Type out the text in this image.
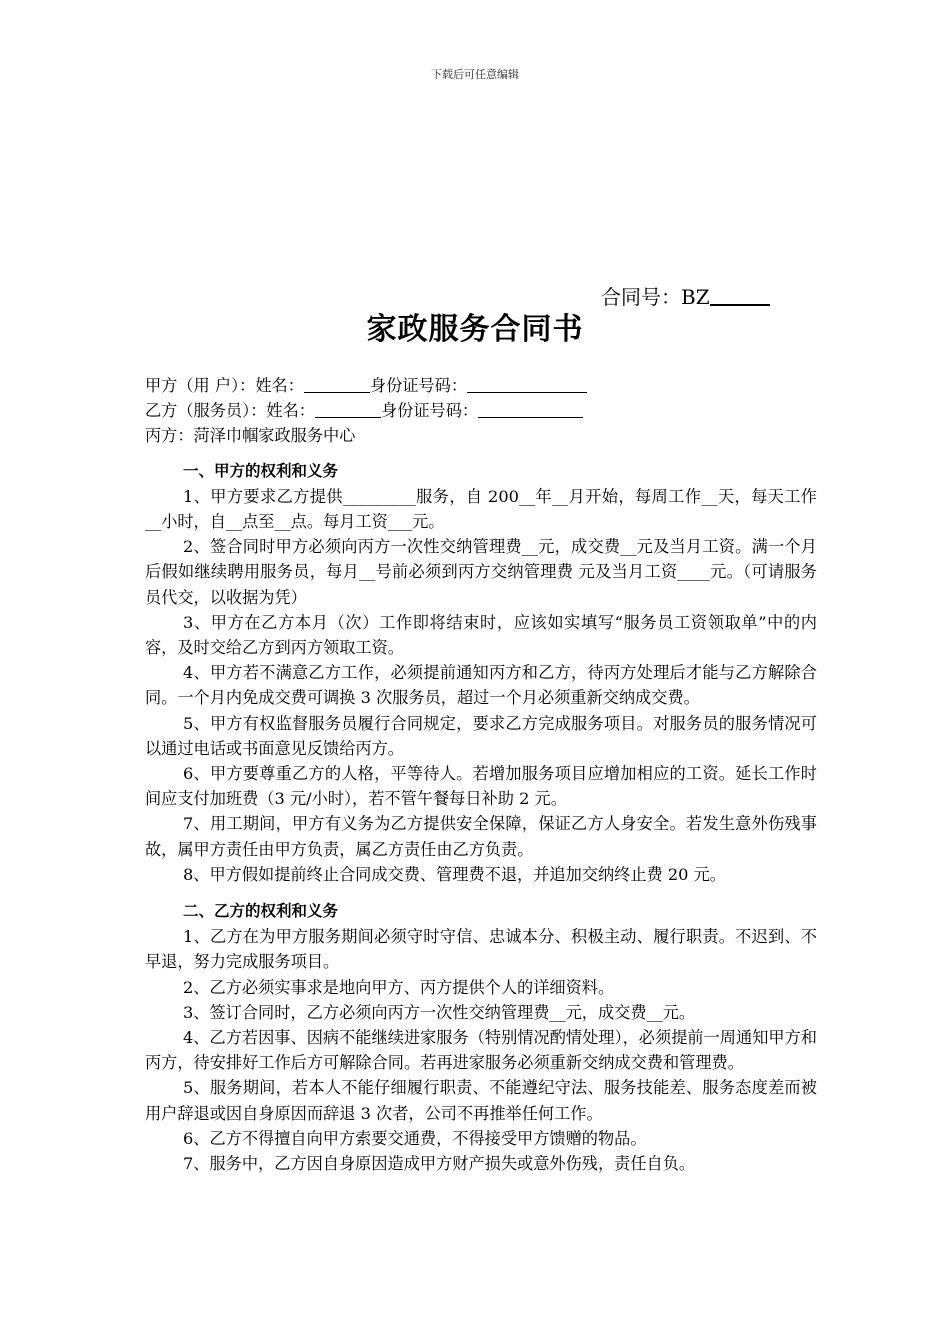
下载后可任意编辑
合同号：BZ
家政服务合同书
甲方（用 户）：姓名：	身份证号码：
乙方（服务员）：姓名：	身份证号码：
丙方：菏泽巾帼家政服务中心
一、甲方的权利和义务
1、甲方要求乙方提供_________服务，自 200__年__月开始，每周工作__天，每天工作__小时，自__点至__点。每月工资___元。
2、签合同时甲方必须向丙方一次性交纳管理费__元，成交费__元及当月工资。满一个月后假如继续聘用服务员，每月__号前必须到丙方交纳管理费 元及当月工资____元。（可请服务员代交，以收据为凭）
3、甲方在乙方本月（次）工作即将结束时，应该如实填写“服务员工资领取单”中的内容，及时交给乙方到丙方领取工资。
4、甲方若不满意乙方工作，必须提前通知丙方和乙方，待丙方处理后才能与乙方解除合同。一个月内免成交费可调换 3 次服务员，超过一个月必须重新交纳成交费。
5、甲方有权监督服务员履行合同规定，要求乙方完成服务项目。对服务员的服务情况可以通过电话或书面意见反馈给丙方。
6、甲方要尊重乙方的人格，平等待人。若增加服务项目应增加相应的工资。延长工作时间应支付加班费（3 元/小时），若不管午餐每日补助 2 元。
7、用工期间，甲方有义务为乙方提供安全保障，保证乙方人身安全。若发生意外伤残事故，属甲方责任由甲方负责，属乙方责任由乙方负责。
8、甲方假如提前终止合同成交费、管理费不退，并追加交纳终止费 20 元。
二、乙方的权利和义务
1、乙方在为甲方服务期间必须守时守信、忠诚本分、积极主动、履行职责。不迟到、不早退，努力完成服务项目。
2、乙方必须实事求是地向甲方、丙方提供个人的详细资料。
3、签订合同时，乙方必须向丙方一次性交纳管理费__元，成交费__元。
4、乙方若因事、因病不能继续进家服务（特别情况酌情处理），必须提前一周通知甲方和丙方，待安排好工作后方可解除合同。若再进家服务必须重新交纳成交费和管理费。
5、服务期间，若本人不能仔细履行职责、不能遵纪守法、服务技能差、服务态度差而被用户辞退或因自身原因而辞退 3 次者，公司不再推举任何工作。
6、乙方不得擅自向甲方索要交通费，不得接受甲方馈赠的物品。
7、服务中，乙方因自身原因造成甲方财产损失或意外伤残，责任自负。
